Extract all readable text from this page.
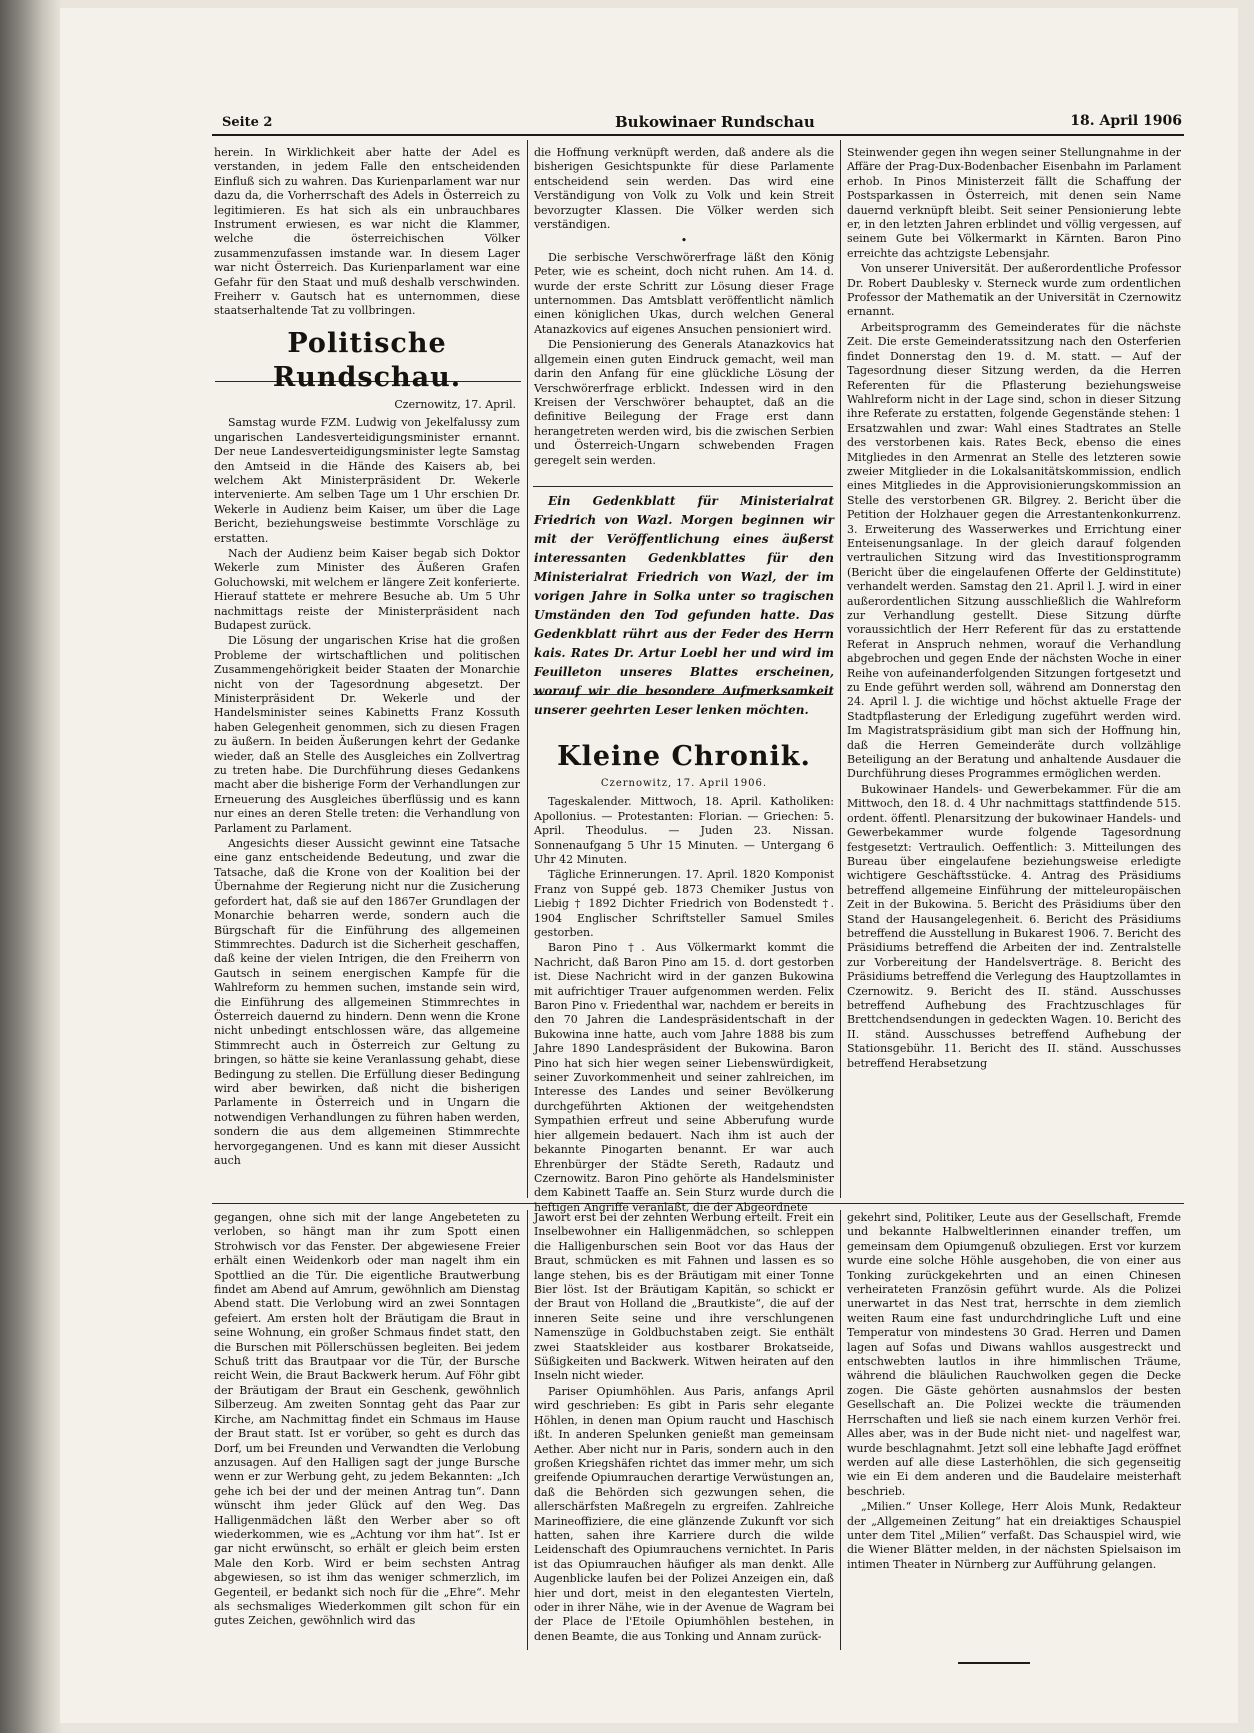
Seite 2	Bukowinaer Rundschau	18. April 1906

herein. In Wirklichkeit aber hatte der Adel es verstanden, in jedem Falle den entscheidenden Einfluß sich zu wahren. Das Kurienparlament war nur dazu da, die Vorherrschaft des Adels in Österreich zu legitimieren. Es hat sich als ein unbrauchbares Instrument erwiesen, es war nicht die Klammer, welche die österreichischen Völker zusammenzufassen imstande war. In diesem Lager war nicht Österreich. Das Kurienparlament war eine Gefahr für den Staat und muß deshalb verschwinden. Freiherr v. Gautsch hat es unternommen, diese staatserhaltende Tat zu vollbringen.

Politische Rundschau.
Czernowitz, 17. April.

Samstag wurde FZM. Ludwig von Jekelfalussy zum ungarischen Landesverteidigungsminister ernannt. Der neue Landesverteidigungsminister legte Samstag den Amtseid in die Hände des Kaisers ab, bei welchem Akt Ministerpräsident Dr. Wekerle intervenierte. Am selben Tage um 1 Uhr erschien Dr. Wekerle in Audienz beim Kaiser, um über die Lage Bericht, beziehungsweise bestimmte Vorschläge zu erstatten.

Nach der Audienz beim Kaiser begab sich Doktor Wekerle zum Minister des Äußeren Grafen Goluchowski, mit welchem er längere Zeit konferierte. Hierauf stattete er mehrere Besuche ab. Um 5 Uhr nachmittags reiste der Ministerpräsident nach Budapest zurück.

Die Lösung der ungarischen Krise hat die großen Probleme der wirtschaftlichen und politischen Zusammengehörigkeit beider Staaten der Monarchie nicht von der Tagesordnung abgesetzt. Der Ministerpräsident Dr. Wekerle und der Handelsminister seines Kabinetts Franz Kossuth haben Gelegenheit genommen, sich zu diesen Fragen zu äußern. In beiden Äußerungen kehrt der Gedanke wieder, daß an Stelle des Ausgleiches ein Zollvertrag zu treten habe. Die Durchführung dieses Gedankens macht aber die bisherige Form der Verhandlungen zur Erneuerung des Ausgleiches überflüssig und es kann nur eines an deren Stelle treten: die Verhandlung von Parlament zu Parlament.

Angesichts dieser Aussicht gewinnt eine Tatsache eine ganz entscheidende Bedeutung, und zwar die Tatsache, daß die Krone von der Koalition bei der Übernahme der Regierung nicht nur die Zusicherung gefordert hat, daß sie auf den 1867er Grundlagen der Monarchie beharren werde, sondern auch die Bürgschaft für die Einführung des allgemeinen Stimmrechtes. Dadurch ist die Sicherheit geschaffen, daß keine der vielen Intrigen, die den Freiherrn von Gautsch in seinem energischen Kampfe für die Wahlreform zu hemmen suchen, imstande sein wird, die Einführung des allgemeinen Stimmrechtes in Österreich dauernd zu hindern. Denn wenn die Krone nicht unbedingt entschlossen wäre, das allgemeine Stimmrecht auch in Österreich zur Geltung zu bringen, so hätte sie keine Veranlassung gehabt, diese Bedingung zu stellen. Die Erfüllung dieser Bedingung wird aber bewirken, daß nicht die bisherigen Parlamente in Österreich und in Ungarn die notwendigen Verhandlungen zu führen haben werden, sondern die aus dem allgemeinen Stimmrechte hervorgegangenen. Und es kann mit dieser Aussicht auch

die Hoffnung verknüpft werden, daß andere als die bisherigen Gesichtspunkte für diese Parlamente entscheidend sein werden. Das wird eine Verständigung von Volk zu Volk und kein Streit bevorzugter Klassen. Die Völker werden sich verständigen.

•

Die serbische Verschwörerfrage läßt den König Peter, wie es scheint, doch nicht ruhen. Am 14. d. wurde der erste Schritt zur Lösung dieser Frage unternommen. Das Amtsblatt veröffentlicht nämlich einen königlichen Ukas, durch welchen General Atanazkovics auf eigenes Ansuchen pensioniert wird.

Die Pensionierung des Generals Atanazkovics hat allgemein einen guten Eindruck gemacht, weil man darin den Anfang für eine glückliche Lösung der Verschwörerfrage erblickt. Indessen wird in den Kreisen der Verschwörer behauptet, daß an die definitive Beilegung der Frage erst dann herangetreten werden wird, bis die zwischen Serbien und Österreich-Ungarn schwebenden Fragen geregelt sein werden.

Ein Gedenkblatt für Ministerialrat Friedrich von Wazl. Morgen beginnen wir mit der Veröffentlichung eines äußerst interessanten Gedenkblattes für den Ministerialrat Friedrich von Wazl, der im vorigen Jahre in Solka unter so tragischen Umständen den Tod gefunden hatte. Das Gedenkblatt rührt aus der Feder des Herrn kais. Rates Dr. Artur Loebl her und wird im Feuilleton unseres Blattes erscheinen, worauf wir die besondere Aufmerksamkeit unserer geehrten Leser lenken möchten.

Kleine Chronik.
Czernowitz, 17. April 1906.

Tageskalender. Mittwoch, 18. April. Katholiken: Apollonius. — Protestanten: Florian. — Griechen: 5. April. Theodulus. — Juden 23. Nissan. Sonnenaufgang 5 Uhr 15 Minuten. — Untergang 6 Uhr 42 Minuten.

Tägliche Erinnerungen. 17. April. 1820 Komponist Franz von Suppé geb. 1873 Chemiker Justus von Liebig † 1892 Dichter Friedrich von Bodenstedt †. 1904 Englischer Schriftsteller Samuel Smiles gestorben.

Baron Pino †. Aus Völkermarkt kommt die Nachricht, daß Baron Pino am 15. d. dort gestorben ist. Diese Nachricht wird in der ganzen Bukowina mit aufrichtiger Trauer aufgenommen werden. Felix Baron Pino v. Friedenthal war, nachdem er bereits in den 70 Jahren die Landespräsidentschaft in der Bukowina inne hatte, auch vom Jahre 1888 bis zum Jahre 1890 Landespräsident der Bukowina. Baron Pino hat sich hier wegen seiner Liebenswürdigkeit, seiner Zuvorkommenheit und seiner zahlreichen, im Interesse des Landes und seiner Bevölkerung durchgeführten Aktionen der weitgehendsten Sympathien erfreut und seine Abberufung wurde hier allgemein bedauert. Nach ihm ist auch der bekannte Pinogarten benannt. Er war auch Ehrenbürger der Städte Sereth, Radautz und Czernowitz. Baron Pino gehörte als Handelsminister dem Kabinett Taaffe an. Sein Sturz wurde durch die heftigen Angriffe veranlaßt, die der Abgeordnete

Steinwender gegen ihn wegen seiner Stellungnahme in der Affäre der Prag-Dux-Bodenbacher Eisenbahn im Parlament erhob. In Pinos Ministerzeit fällt die Schaffung der Postsparkassen in Österreich, mit denen sein Name dauernd verknüpft bleibt. Seit seiner Pensionierung lebte er, in den letzten Jahren erblindet und völlig vergessen, auf seinem Gute bei Völkermarkt in Kärnten. Baron Pino erreichte das achtzigste Lebensjahr.

Von unserer Universität. Der außerordentliche Professor Dr. Robert Daublesky v. Sterneck wurde zum ordentlichen Professor der Mathematik an der Universität in Czernowitz ernannt.

Arbeitsprogramm des Gemeinderates für die nächste Zeit. Die erste Gemeinderatssitzung nach den Osterferien findet Donnerstag den 19. d. M. statt. — Auf der Tagesordnung dieser Sitzung werden, da die Herren Referenten für die Pflasterung beziehungsweise Wahlreform nicht in der Lage sind, schon in dieser Sitzung ihre Referate zu erstatten, folgende Gegenstände stehen: 1 Ersatzwahlen und zwar: Wahl eines Stadtrates an Stelle des verstorbenen kais. Rates Beck, ebenso die eines Mitgliedes in den Armenrat an Stelle des letzteren sowie zweier Mitglieder in die Lokalsanitätskommission, endlich eines Mitgliedes in die Approvisionierungskommission an Stelle des verstorbenen GR. Bilgrey. 2. Bericht über die Petition der Holzhauer gegen die Arrestantenkonkurrenz. 3. Erweiterung des Wasserwerkes und Errichtung einer Enteisenungsanlage. In der gleich darauf folgenden vertraulichen Sitzung wird das Investitionsprogramm (Bericht über die eingelaufenen Offerte der Geldinstitute) verhandelt werden. Samstag den 21. April l. J. wird in einer außerordentlichen Sitzung ausschließlich die Wahlreform zur Verhandlung gestellt. Diese Sitzung dürfte voraussichtlich der Herr Referent für das zu erstattende Referat in Anspruch nehmen, worauf die Verhandlung abgebrochen und gegen Ende der nächsten Woche in einer Reihe von aufeinanderfolgenden Sitzungen fortgesetzt und zu Ende geführt werden soll, während am Donnerstag den 24. April l. J. die wichtige und höchst aktuelle Frage der Stadtpflasterung der Erledigung zugeführt werden wird. Im Magistratspräsidium gibt man sich der Hoffnung hin, daß die Herren Gemeinderäte durch vollzählige Beteiligung an der Beratung und anhaltende Ausdauer die Durchführung dieses Programmes ermöglichen werden.

Bukowinaer Handels- und Gewerbekammer. Für die am Mittwoch, den 18. d. 4 Uhr nachmittags stattfindende 515. ordent. öffentl. Plenarsitzung der bukowinaer Handels- und Gewerbekammer wurde folgende Tagesordnung festgesetzt: Vertraulich. Oeffentlich: 3. Mitteilungen des Bureau über eingelaufene beziehungsweise erledigte wichtigere Geschäftsstücke. 4. Antrag des Präsidiums betreffend allgemeine Einführung der mitteleuropäischen Zeit in der Bukowina. 5. Bericht des Präsidiums über den Stand der Hausangelegenheit. 6. Bericht des Präsidiums betreffend die Ausstellung in Bukarest 1906. 7. Bericht des Präsidiums betreffend die Arbeiten der ind. Zentralstelle zur Vorbereitung der Handelsverträge. 8. Bericht des Präsidiums betreffend die Verlegung des Hauptzollamtes in Czernowitz. 9. Bericht des II. ständ. Ausschusses betreffend Aufhebung des Frachtzuschlages für Brettchendsendungen in gedeckten Wagen. 10. Bericht des II. ständ. Ausschusses betreffend Aufhebung der Stationsgebühr. 11. Bericht des II. ständ. Ausschusses betreffend Herabsetzung

gegangen, ohne sich mit der lange Angebeteten zu verloben, so hängt man ihr zum Spott einen Strohwisch vor das Fenster. Der abgewiesene Freier erhält einen Weidenkorb oder man nagelt ihm ein Spottlied an die Tür. Die eigentliche Brautwerbung findet am Abend auf Amrum, gewöhnlich am Dienstag Abend statt. Die Verlobung wird an zwei Sonntagen gefeiert. Am ersten holt der Bräutigam die Braut in seine Wohnung, ein großer Schmaus findet statt, den die Burschen mit Pöllerschüssen begleiten. Bei jedem Schuß tritt das Brautpaar vor die Tür, der Bursche reicht Wein, die Braut Backwerk herum. Auf Föhr gibt der Bräutigam der Braut ein Geschenk, gewöhnlich Silberzeug. Am zweiten Sonntag geht das Paar zur Kirche, am Nachmittag findet ein Schmaus im Hause der Braut statt. Ist er vorüber, so geht es durch das Dorf, um bei Freunden und Verwandten die Verlobung anzusagen. Auf den Halligen sagt der junge Bursche wenn er zur Werbung geht, zu jedem Bekannten: „Ich gehe ich bei der und der meinen Antrag tun“. Dann wünscht ihm jeder Glück auf den Weg. Das Halligenmädchen läßt den Werber aber so oft wiederkommen, wie es „Achtung vor ihm hat“. Ist er gar nicht erwünscht, so erhält er gleich beim ersten Male den Korb. Wird er beim sechsten Antrag abgewiesen, so ist ihm das weniger schmerzlich, im Gegenteil, er bedankt sich noch für die „Ehre“. Mehr als sechsmaliges Wiederkommen gilt schon für ein gutes Zeichen, gewöhnlich wird das

Jawort erst bei der zehnten Werbung erteilt. Freit ein Inselbewohner ein Halligenmädchen, so schleppen die Halligenburschen sein Boot vor das Haus der Braut, schmücken es mit Fahnen und lassen es so lange stehen, bis es der Bräutigam mit einer Tonne Bier löst. Ist der Bräutigam Kapitän, so schickt er der Braut von Holland die „Brautkiste“, die auf der inneren Seite seine und ihre verschlungenen Namenszüge in Goldbuchstaben zeigt. Sie enthält zwei Staatskleider aus kostbarer Brokatseide, Süßigkeiten und Backwerk. Witwen heiraten auf den Inseln nicht wieder.

Pariser Opiumhöhlen. Aus Paris, anfangs April wird geschrieben: Es gibt in Paris sehr elegante Höhlen, in denen man Opium raucht und Haschisch ißt. In anderen Spelunken genießt man gemeinsam Aether. Aber nicht nur in Paris, sondern auch in den großen Kriegshäfen richtet das immer mehr, um sich greifende Opiumrauchen derartige Verwüstungen an, daß die Behörden sich gezwungen sehen, die allerschärfsten Maßregeln zu ergreifen. Zahlreiche Marineoffiziere, die eine glänzende Zukunft vor sich hatten, sahen ihre Karriere durch die wilde Leidenschaft des Opiumrauchens vernichtet. In Paris ist das Opiumrauchen häufiger als man denkt. Alle Augenblicke laufen bei der Polizei Anzeigen ein, daß hier und dort, meist in den elegantesten Vierteln, oder in ihrer Nähe, wie in der Avenue de Wagram bei der Place de l'Etoile Opiumhöhlen bestehen, in denen Beamte, die aus Tonking und Annam zurück-

gekehrt sind, Politiker, Leute aus der Gesellschaft, Fremde und bekannte Halbweltlerinnen einander treffen, um gemeinsam dem Opiumgenuß obzuliegen. Erst vor kurzem wurde eine solche Höhle ausgehoben, die von einer aus Tonking zurückgekehrten und an einen Chinesen verheirateten Französin geführt wurde. Als die Polizei unerwartet in das Nest trat, herrschte in dem ziemlich weiten Raum eine fast undurchdringliche Luft und eine Temperatur von mindestens 30 Grad. Herren und Damen lagen auf Sofas und Diwans wahllos ausgestreckt und entschwebten lautlos in ihre himmlischen Träume, während die bläulichen Rauchwolken gegen die Decke zogen. Die Gäste gehörten ausnahmslos der besten Gesellschaft an. Die Polizei weckte die träumenden Herrschaften und ließ sie nach einem kurzen Verhör frei. Alles aber, was in der Bude nicht niet- und nagelfest war, wurde beschlagnahmt. Jetzt soll eine lebhafte Jagd eröffnet werden auf alle diese Lasterhöhlen, die sich gegenseitig wie ein Ei dem anderen und die Baudelaire meisterhaft beschrieb.

„Milien.“ Unser Kollege, Herr Alois Munk, Redakteur der „Allgemeinen Zeitung“ hat ein dreiaktiges Schauspiel unter dem Titel „Milien“ verfaßt. Das Schauspiel wird, wie die Wiener Blätter melden, in der nächsten Spielsaison im intimen Theater in Nürnberg zur Aufführung gelangen.
